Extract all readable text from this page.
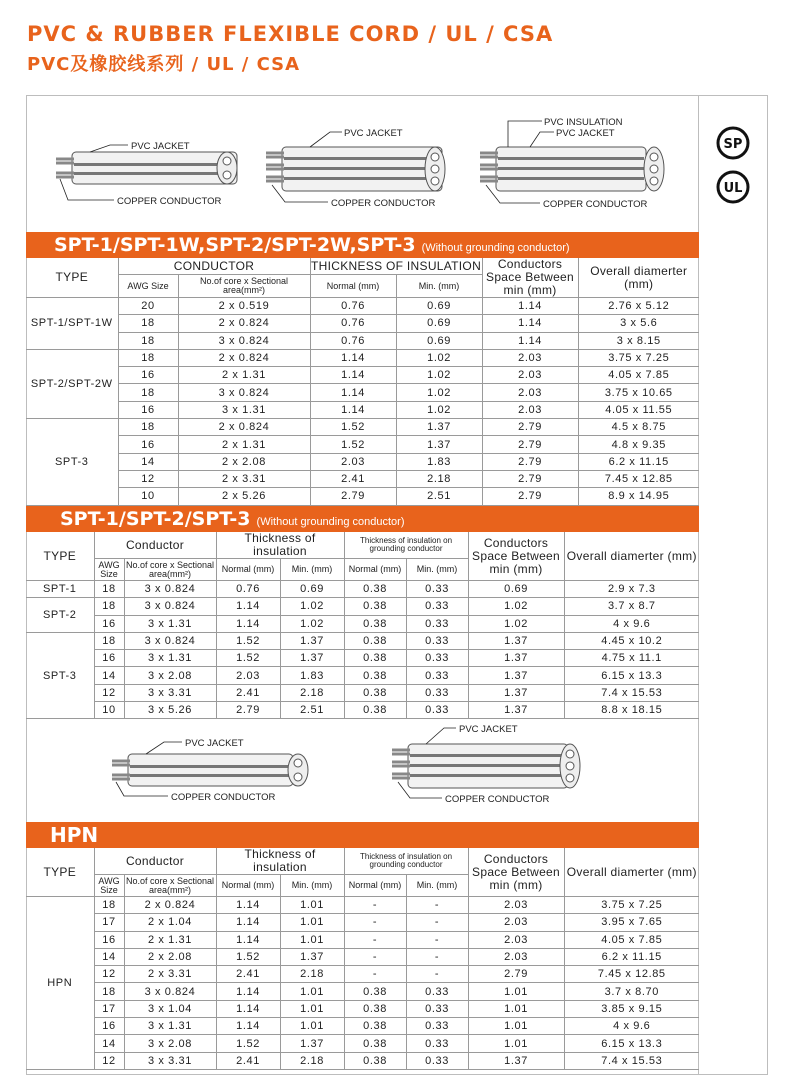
PVC & RUBBER FLEXIBLE CORD / UL / CSA
PVC及橡胶线系列 / UL / CSA
SP
UL
PVC JACKET
COPPER CONDUCTOR
PVC JACKET
COPPER CONDUCTOR
PVC INSULATION
PVC JACKET
COPPER CONDUCTOR
SPT-1/SPT-1W,SPT-2/SPT-2W,SPT-3 (Without grounding conductor)
TYPE	CONDUCTOR		THICKNESS OF INSULATION		Conductors Space Between min (mm)	Overall diamerter (mm)
	AWG Size	No.of core x Sectional area(mm²)	Normal (mm)	Min. (mm)		
SPT-1/SPT-1W	20	2 x 0.519	0.76	0.69	1.14	2.76 x 5.12
	18	2 x 0.824	0.76	0.69	1.14	3 x 5.6
	18	3 x 0.824	0.76	0.69	1.14	3 x 8.15
SPT-2/SPT-2W	18	2 x 0.824	1.14	1.02	2.03	3.75 x 7.25
	16	2 x 1.31	1.14	1.02	2.03	4.05 x 7.85
	18	3 x 0.824	1.14	1.02	2.03	3.75 x 10.65
	16	3 x 1.31	1.14	1.02	2.03	4.05 x 11.55
SPT-3	18	2 x 0.824	1.52	1.37	2.79	4.5 x 8.75
	16	2 x 1.31	1.52	1.37	2.79	4.8 x 9.35
	14	2 x 2.08	2.03	1.83	2.79	6.2 x 11.15
	12	2 x 3.31	2.41	2.18	2.79	7.45 x 12.85
	10	2 x 5.26	2.79	2.51	2.79	8.9 x 14.95
SPT-1/SPT-2/SPT-3 (Without grounding conductor)
TYPE	Conductor		Thickness of insulation		Thickness of insulation on grounding conductor		Conductors Space Between min (mm)	Overall diamerter (mm)
	AWG Size	No.of core x Sectional area(mm²)	Normal (mm)	Min. (mm)	Normal (mm)	Min. (mm)		
SPT-1	18	3 x 0.824	0.76	0.69	0.38	0.33	0.69	2.9 x 7.3
SPT-2	18	3 x 0.824	1.14	1.02	0.38	0.33	1.02	3.7 x 8.7
	16	3 x 1.31	1.14	1.02	0.38	0.33	1.02	4 x 9.6
SPT-3	18	3 x 0.824	1.52	1.37	0.38	0.33	1.37	4.45 x 10.2
	16	3 x 1.31	1.52	1.37	0.38	0.33	1.37	4.75 x 11.1
	14	3 x 2.08	2.03	1.83	0.38	0.33	1.37	6.15 x 13.3
	12	3 x 3.31	2.41	2.18	0.38	0.33	1.37	7.4 x 15.53
	10	3 x 5.26	2.79	2.51	0.38	0.33	1.37	8.8 x 18.15
PVC JACKET
COPPER CONDUCTOR
PVC JACKET
COPPER CONDUCTOR
HPN
TYPE	Conductor		Thickness of insulation		Thickness of insulation on grounding conductor		Conductors Space Between min (mm)	Overall diamerter (mm)
	AWG Size	No.of core x Sectional area(mm²)	Normal (mm)	Min. (mm)	Normal (mm)	Min. (mm)		
HPN	18	2 x 0.824	1.14	1.01	-	-	2.03	3.75 x 7.25
	17	2 x 1.04	1.14	1.01	-	-	2.03	3.95 x 7.65
	16	2 x 1.31	1.14	1.01	-	-	2.03	4.05 x 7.85
	14	2 x 2.08	1.52	1.37	-	-	2.03	6.2 x 11.15
	12	2 x 3.31	2.41	2.18	-	-	2.79	7.45 x 12.85
	18	3 x 0.824	1.14	1.01	0.38	0.33	1.01	3.7 x 8.70
	17	3 x 1.04	1.14	1.01	0.38	0.33	1.01	3.85 x 9.15
	16	3 x 1.31	1.14	1.01	0.38	0.33	1.01	4 x 9.6
	14	3 x 2.08	1.52	1.37	0.38	0.33	1.01	6.15 x 13.3
	12	3 x 3.31	2.41	2.18	0.38	0.33	1.37	7.4 x 15.53
